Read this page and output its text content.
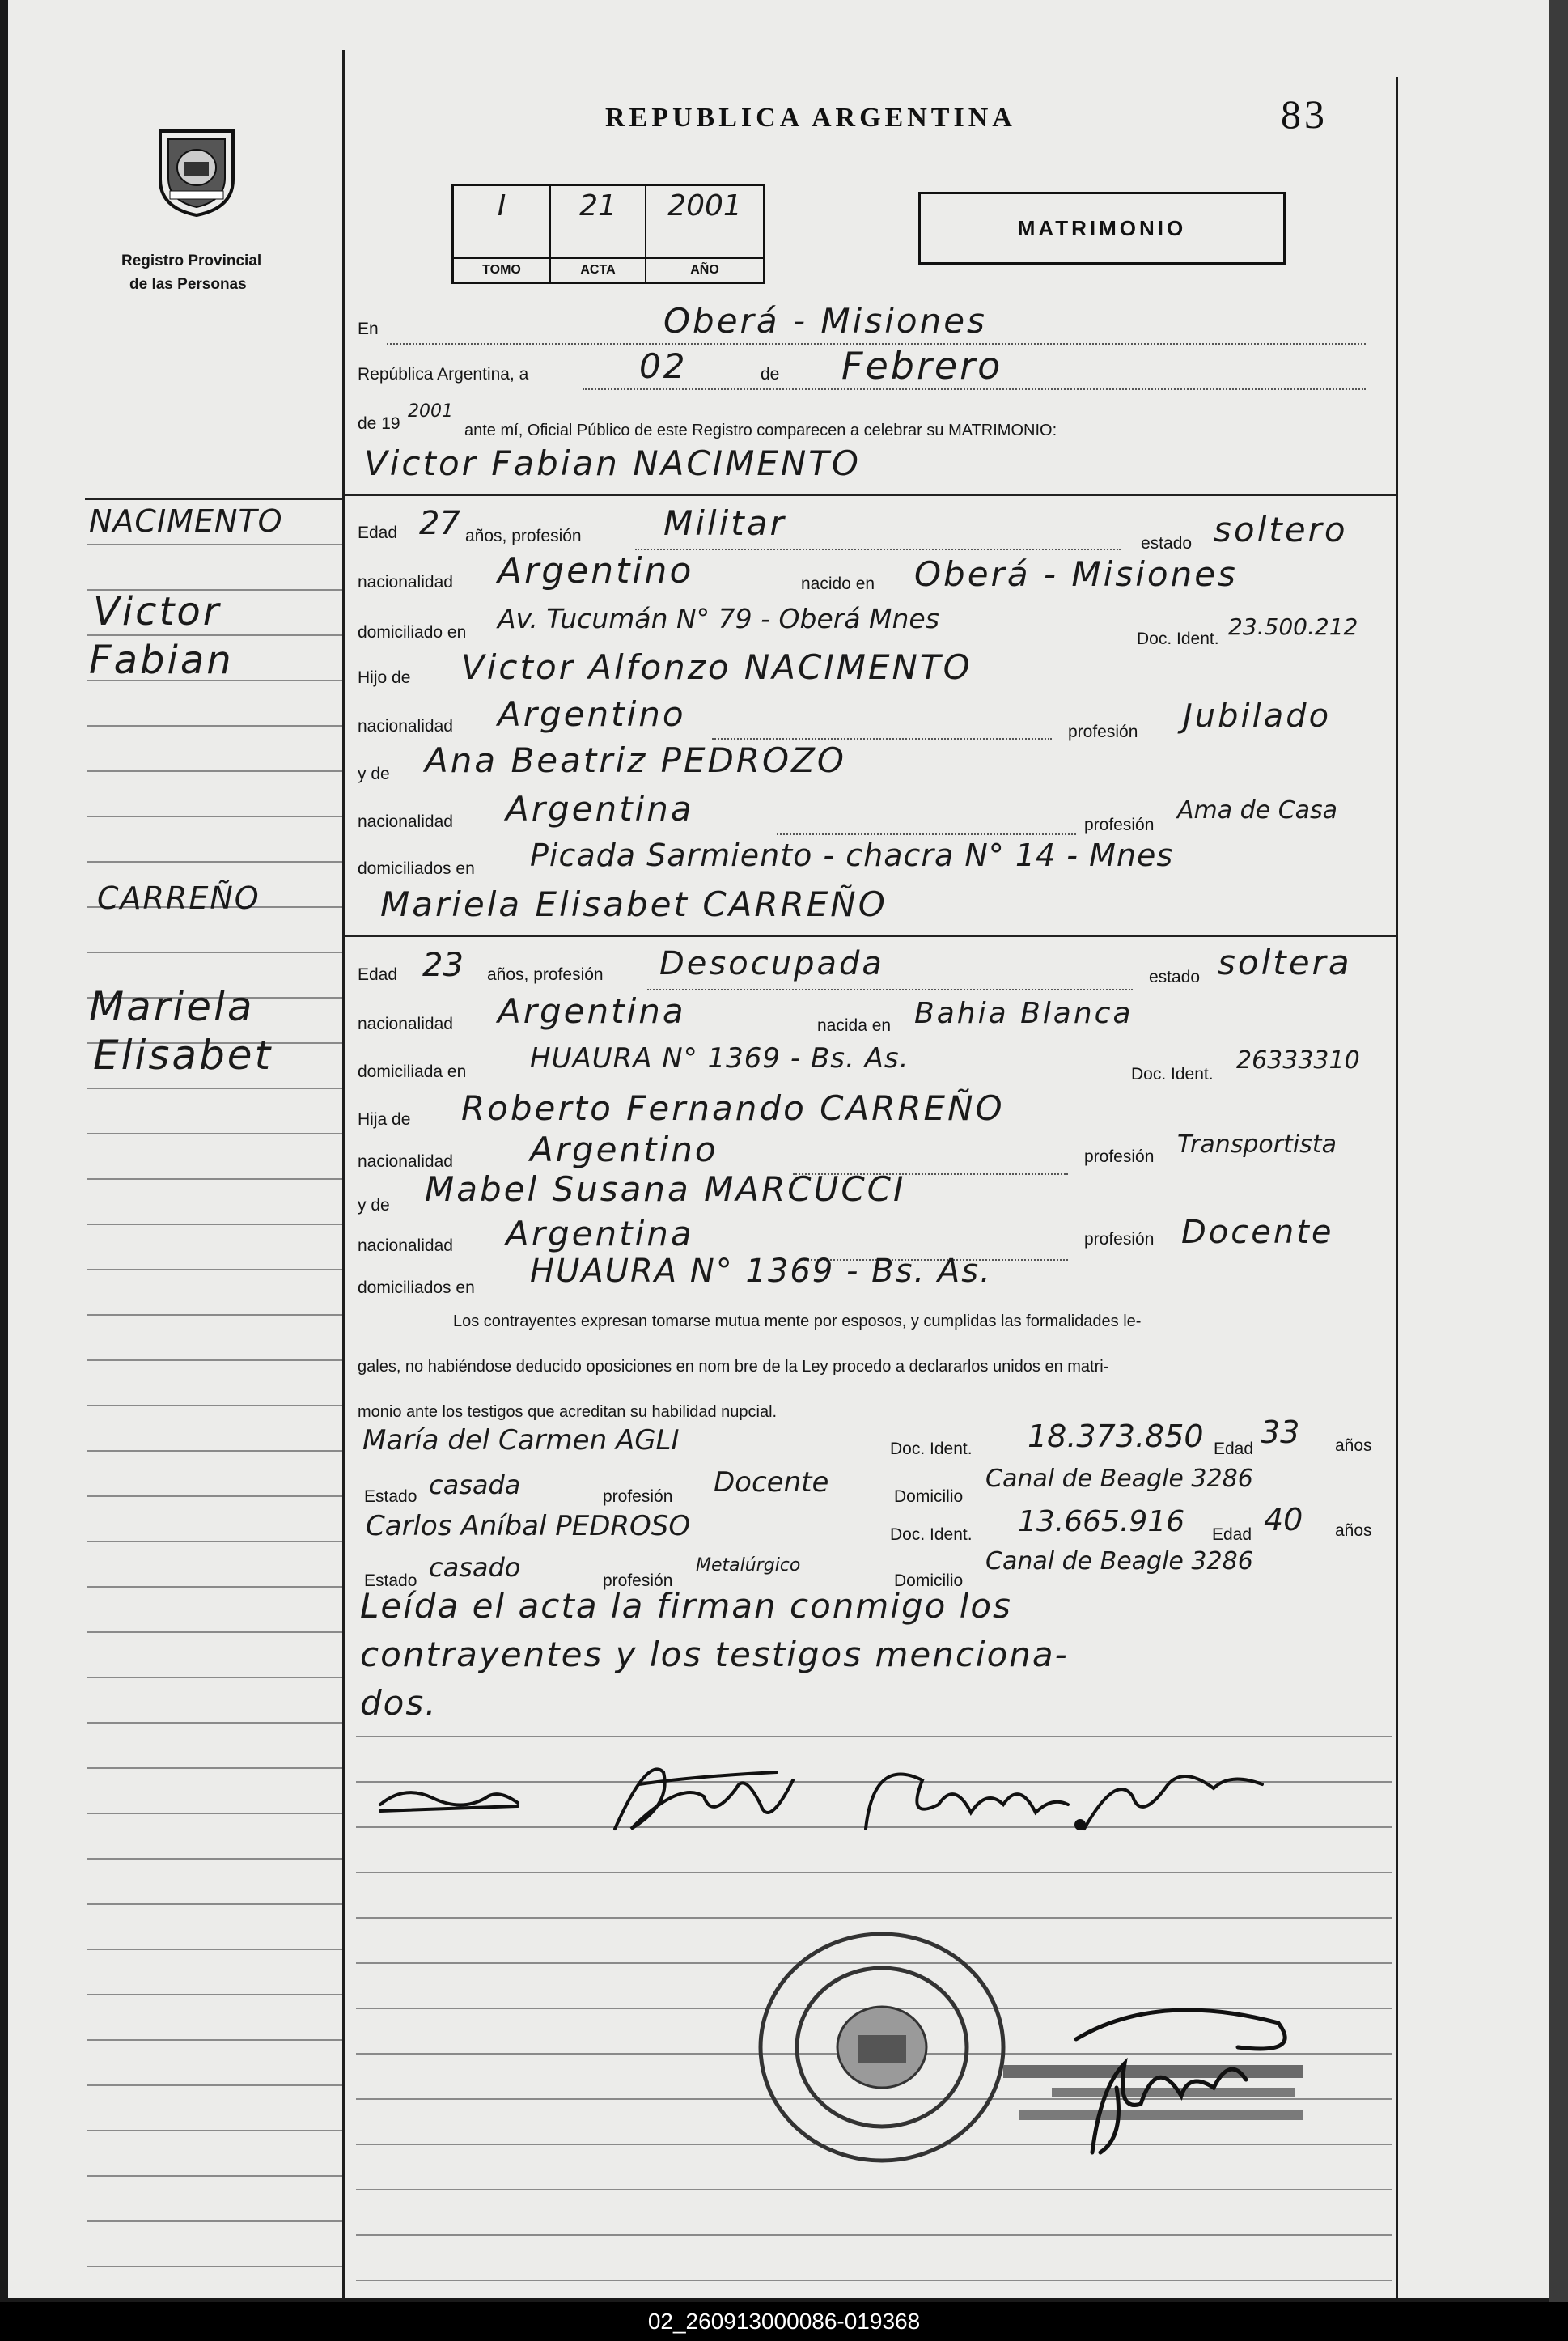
Registro Provincial
de las Personas
REPUBLICA ARGENTINA	83
I
TOMO
21
ACTA
2001
AÑO
MATRIMONIO
En	Oberá - Misiones
República Argentina, a	02	de Febrero
de 19
2001
ante mí, Oficial Público de este Registro comparecen a celebrar su MATRIMONIO:
Victor Fabian NACIMENTO
Edad 27 años, profesión Militar
estado soltero
nacionalidad Argentino	nacido en Oberá - Misiones
domiciliado en Av. Tucumán N° 79 - Oberá Mnes
Doc. Ident. 23.500.212
Hijo de Victor Alfonzo NACIMENTO
nacionalidad Argentino	profesión Jubilado
y de Ana Beatriz PEDROZO
nacionalidad Argentina	profesión
Ama de Casa
domiciliados en Picada Sarmiento - chacra N° 14 - Mnes
Mariela Elisabet CARREÑO
Edad 23 años, profesión Desocupada	estado soltera
nacionalidad Argentina	nacida en Bahia Blanca
domiciliada en HUAURA N° 1369 - Bs. As.	Doc. Ident. 26333310
Hija de Roberto Fernando CARREÑO
nacionalidad Argentino	profesión Transportista
y de Mabel Susana MARCUCCI
nacionalidad Argentina	profesión Docente
domiciliados en HUAURA N° 1369 - Bs. As.
Los contrayentes expresan tomarse mutua mente por esposos, y cumplidas las formalidades le-
gales, no habiéndose deducido oposiciones en nom bre de la Ley procedo a declararlos unidos en matri-
monio ante los testigos que acreditan su habilidad nupcial.
María del Carmen AGLI	Doc. Ident. 18.373.850 Edad 33 años
Estado casada	profesión Docente	Domicilio
Canal de Beagle 3286
Carlos Aníbal PEDROSO	Doc. Ident. 13.665.916 Edad 40 años
Estado casado	profesión
Metalúrgico
Domicilio
Canal de Beagle 3286
Leída el acta la firman conmigo los
contrayentes y los testigos menciona-
dos.
NACIMENTO
Victor
Fabian
CARREÑO
Mariela
Elisabet
02_260913000086-019368
